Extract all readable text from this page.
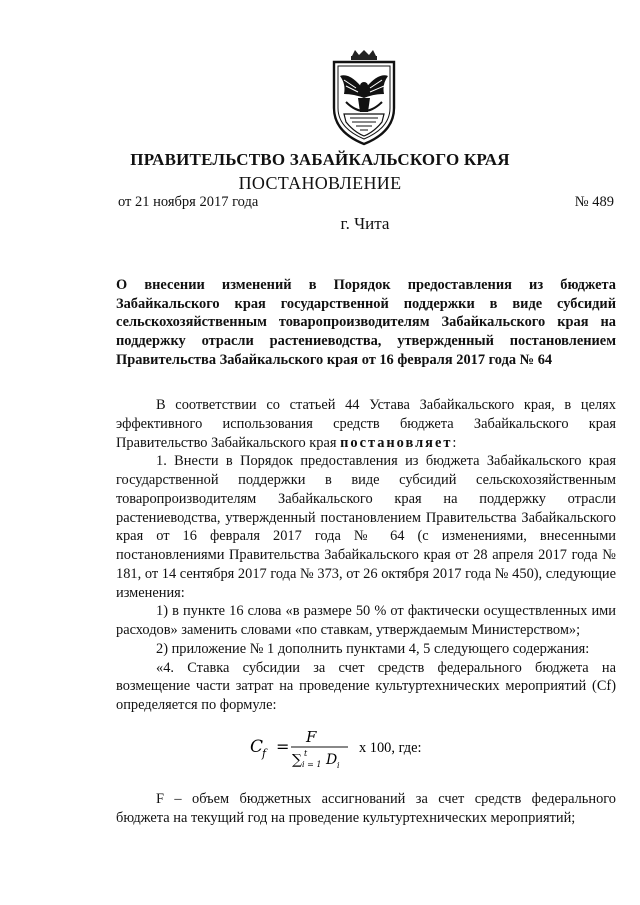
ПРАВИТЕЛЬСТВО ЗАБАЙКАЛЬСКОГО КРАЯ
ПОСТАНОВЛЕНИЕ
от 21 ноября 2017 года	№ 489
г. Чита
О внесении изменений в Порядок предоставления из бюджета Забайкальского края государственной поддержки в виде субсидий сельскохозяйственным товаропроизводителям Забайкальского края на поддержку отрасли растениеводства, утвержденный постановлением Правительства Забайкальского края от 16 февраля 2017 года № 64

В соответствии со статьей 44 Устава Забайкальского края, в целях эффективного использования средств бюджета Забайкальского края Правительство Забайкальского края постановляет:

1. Внести в Порядок предоставления из бюджета Забайкальского края государственной поддержки в виде субсидий сельскохозяйственным товаропроизводителям Забайкальского края на поддержку отрасли растениеводства, утвержденный постановлением Правительства Забайкальского края от 16 февраля 2017 года № 64 (с изменениями, внесенными постановлениями Правительства Забайкальского края от 28 апреля 2017 года № 181, от 14 сентября 2017 года № 373, от 26 октября 2017 года № 450), следующие изменения:

1) в пункте 16 слова «в размере 50 % от фактически осуществленных ими расходов» заменить словами «по ставкам, утверждаемым Министерством»;

2) приложение № 1 дополнить пунктами 4, 5 следующего содержания:

«4. Ставка субсидии за счет средств федерального бюджета на возмещение части затрат на проведение культуртехнических мероприятий (Cf) определяется по формуле:

C
f = F
∑ t
i = 1 D i
x 100, где:

F – объем бюджетных ассигнований за счет средств федерального бюджета на текущий год на проведение культуртехнических мероприятий;
